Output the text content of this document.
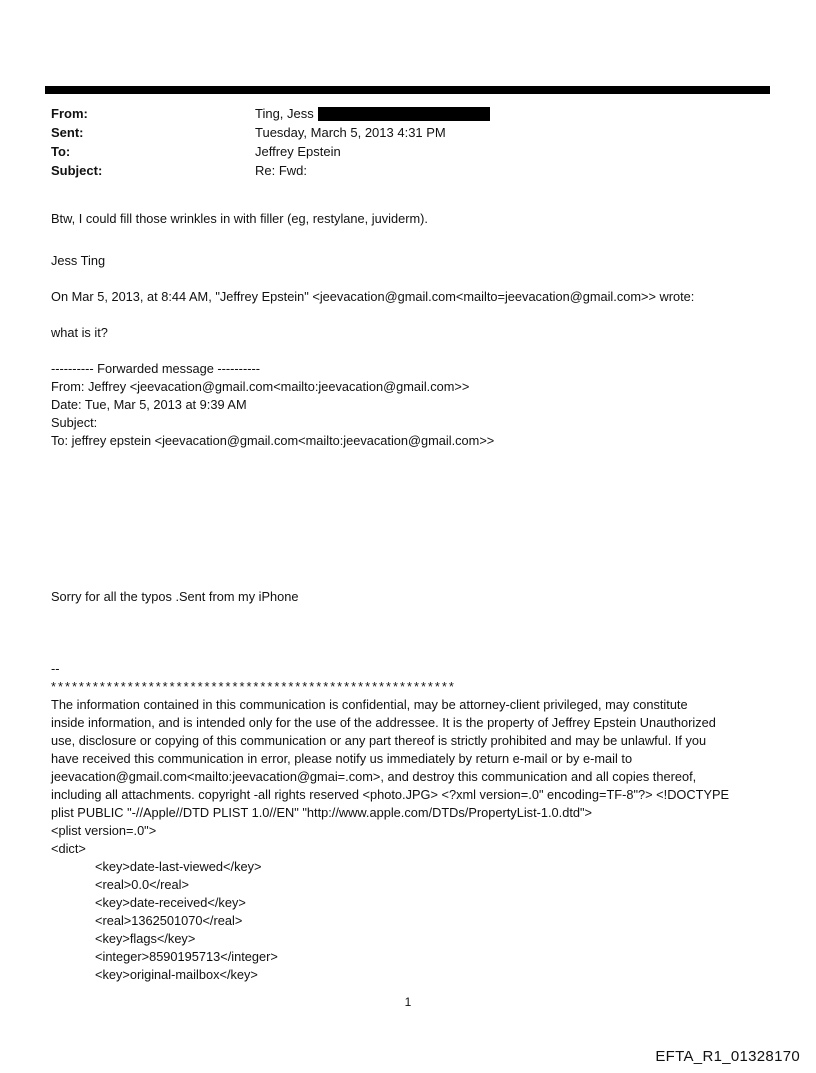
From:	Ting, Jess
Sent:	Tuesday, March 5, 2013 4:31 PM
To:	Jeffrey Epstein
Subject:	Re: Fwd:
Btw, I could fill those wrinkles in with filler (eg, restylane, juviderm).
Jess Ting
On Mar 5, 2013, at 8:44 AM, "Jeffrey Epstein" <jeevacation@gmail.com<mailto=jeevacation@gmail.com>> wrote:
what is it?
---------- Forwarded message ----------
From: Jeffrey <jeevacation@gmail.com<mailto:jeevacation@gmail.com>>
Date: Tue, Mar 5, 2013 at 9:39 AM
Subject:
To: jeffrey epstein <jeevacation@gmail.com<mailto:jeevacation@gmail.com>>
Sorry for all the typos .Sent from my iPhone
--
**********************************************************
The information contained in this communication is confidential, may be attorney-client privileged, may constitute
inside information, and is intended only for the use of the addressee. It is the property of Jeffrey Epstein Unauthorized
use, disclosure or copying of this communication or any part thereof is strictly prohibited and may be unlawful. If you
have received this communication in error, please notify us immediately by return e-mail or by e-mail to
jeevacation@gmail.com<mailto:jeevacation@gmai=.com>, and destroy this communication and all copies thereof,
including all attachments. copyright -all rights reserved <photo.JPG> <?xml version=.0" encoding=TF-8"?> <!DOCTYPE
plist PUBLIC "-//Apple//DTD PLIST 1.0//EN" "http://www.apple.com/DTDs/PropertyList-1.0.dtd">
<plist version=.0">
<dict>
<key>date-last-viewed</key>
<real>0.0</real>
<key>date-received</key>
<real>1362501070</real>
<key>flags</key>
<integer>8590195713</integer>
<key>original-mailbox</key>
1
EFTA_R1_01328170
